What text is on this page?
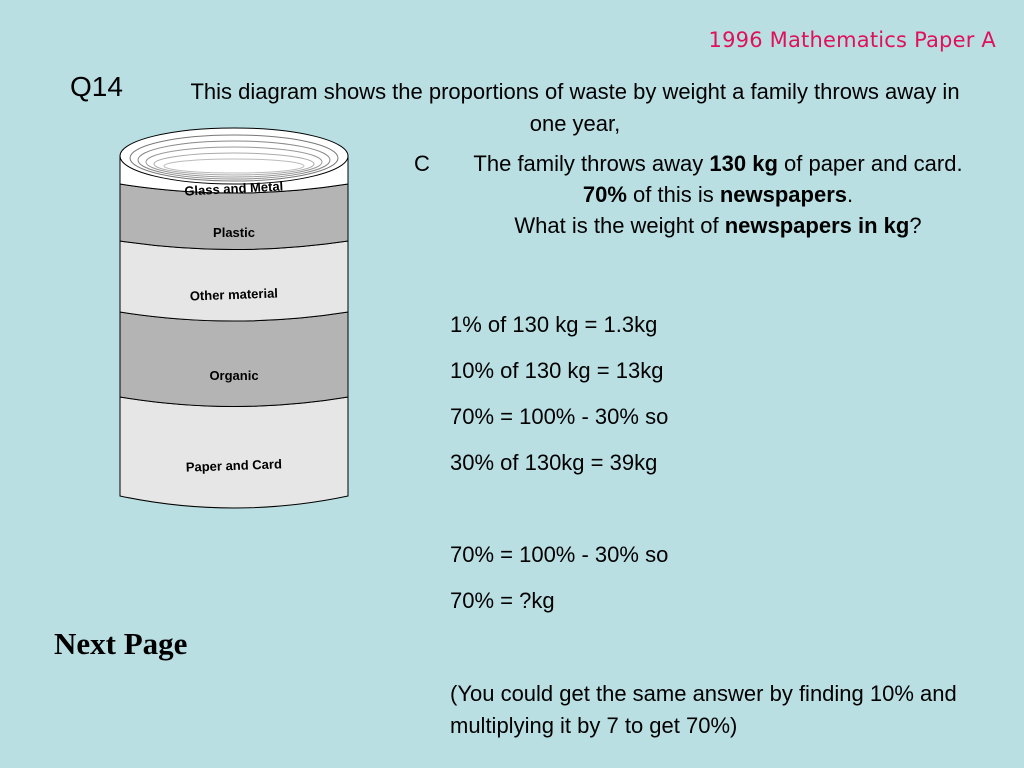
1996 Mathematics Paper A
Q14	This diagram shows the proportions of waste by weight a family throws away in one year,
Glass and Metal
Plastic
Other material
Organic
Paper and Card
C	The family throws away 130 kg of paper and card.

70% of this is newspapers.

What is the weight of newspapers in kg?

1% of 130 kg = 1.3kg
10% of 130 kg = 13kg
70% = 100% - 30% so
30% of 130kg = 39kg
70% = 100% - 30% so
70% = ?kg
Next Page
(You could get the same answer by finding 10% and multiplying it by 7 to get 70%)
